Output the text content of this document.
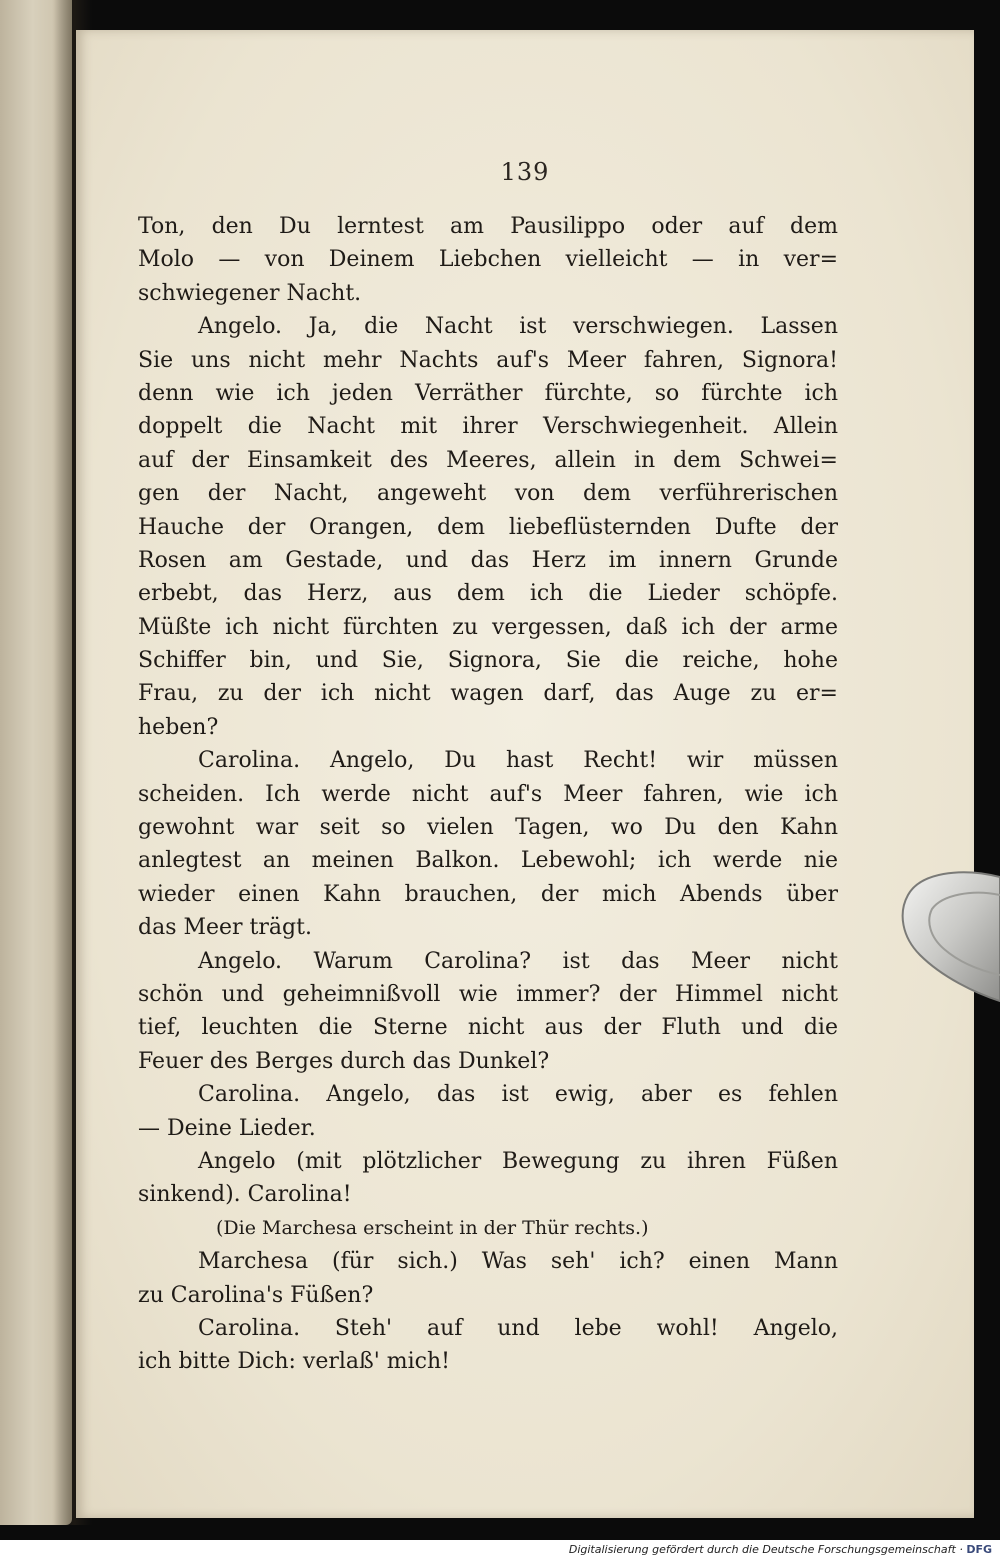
139
Ton, den Du lerntest am Pausilippo oder auf dem
Molo — von Deinem Liebchen vielleicht — in ver=
schwiegener Nacht.
Angelo. Ja, die Nacht ist verschwiegen. Lassen
Sie uns nicht mehr Nachts auf's Meer fahren, Signora!
denn wie ich jeden Verräther fürchte, so fürchte ich
doppelt die Nacht mit ihrer Verschwiegenheit. Allein
auf der Einsamkeit des Meeres, allein in dem Schwei=
gen der Nacht, angeweht von dem verführerischen
Hauche der Orangen, dem liebeflüsternden Dufte der
Rosen am Gestade, und das Herz im innern Grunde
erbebt, das Herz, aus dem ich die Lieder schöpfe.
Müßte ich nicht fürchten zu vergessen, daß ich der arme
Schiffer bin, und Sie, Signora, Sie die reiche, hohe
Frau, zu der ich nicht wagen darf, das Auge zu er=
heben?
Carolina. Angelo, Du hast Recht! wir müssen
scheiden. Ich werde nicht auf's Meer fahren, wie ich
gewohnt war seit so vielen Tagen, wo Du den Kahn
anlegtest an meinen Balkon. Lebewohl; ich werde nie
wieder einen Kahn brauchen, der mich Abends über
das Meer trägt.
Angelo. Warum Carolina? ist das Meer nicht
schön und geheimnißvoll wie immer? der Himmel nicht
tief, leuchten die Sterne nicht aus der Fluth und die
Feuer des Berges durch das Dunkel?
Carolina. Angelo, das ist ewig, aber es fehlen
— Deine Lieder.
Angelo (mit plötzlicher Bewegung zu ihren Füßen
sinkend). Carolina!
(Die Marchesa erscheint in der Thür rechts.)
Marchesa (für sich.) Was seh' ich? einen Mann
zu Carolina's Füßen?
Carolina. Steh' auf und lebe wohl! Angelo,
ich bitte Dich: verlaß' mich!
Digitalisierung gefördert durch die Deutsche Forschungsgemeinschaft · DFG
